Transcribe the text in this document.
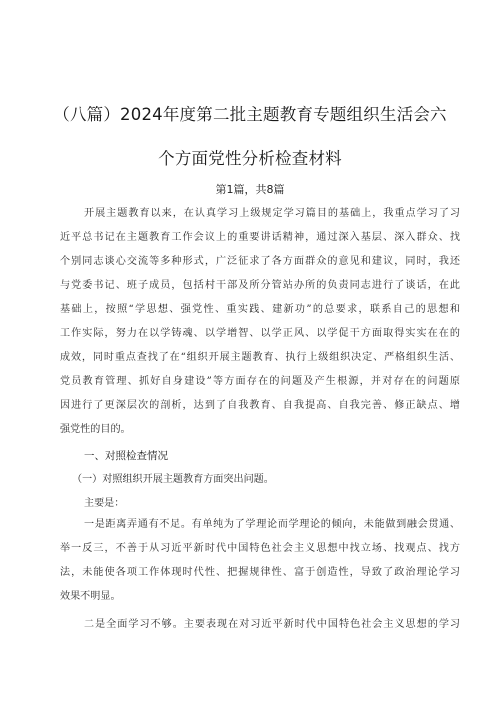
（八篇）2024年度第二批主题教育专题组织生活会六
个方面党性分析检查材料
第1篇，共8篇
开展主题教育以来，在认真学习上级规定学习篇目的基础上，我重点学习了习
近平总书记在主题教育工作会议上的重要讲话精神，通过深入基层、深入群众、找
个别同志谈心交流等多种形式，广泛征求了各方面群众的意见和建议，同时，我还
与党委书记、班子成员，包括村干部及所分管站办所的负责同志进行了谈话，在此
基础上，按照“学思想、强党性、重实践、建新功”的总要求，联系自己的思想和
工作实际，努力在以学铸魂、以学增智、以学正风、以学促干方面取得实实在在的
成效，同时重点查找了在“组织开展主题教育、执行上级组织决定、严格组织生活、
党员教育管理、抓好自身建设”等方面存在的问题及产生根源，并对存在的问题原
因进行了更深层次的剖析，达到了自我教育、自我提高、自我完善、修正缺点、增
强党性的目的。
一、对照检查情况
（一）对照组织开展主题教育方面突出问题。
主要是：
一是距离弄通有不足。有单纯为了学理论而学理论的倾向，未能做到融会贯通、
举一反三，不善于从习近平新时代中国特色社会主义思想中找立场、找观点、找方
法，未能使各项工作体现时代性、把握规律性、富于创造性，导致了政治理论学习
效果不明显。
二是全面学习不够。主要表现在对习近平新时代中国特色社会主义思想的学习
